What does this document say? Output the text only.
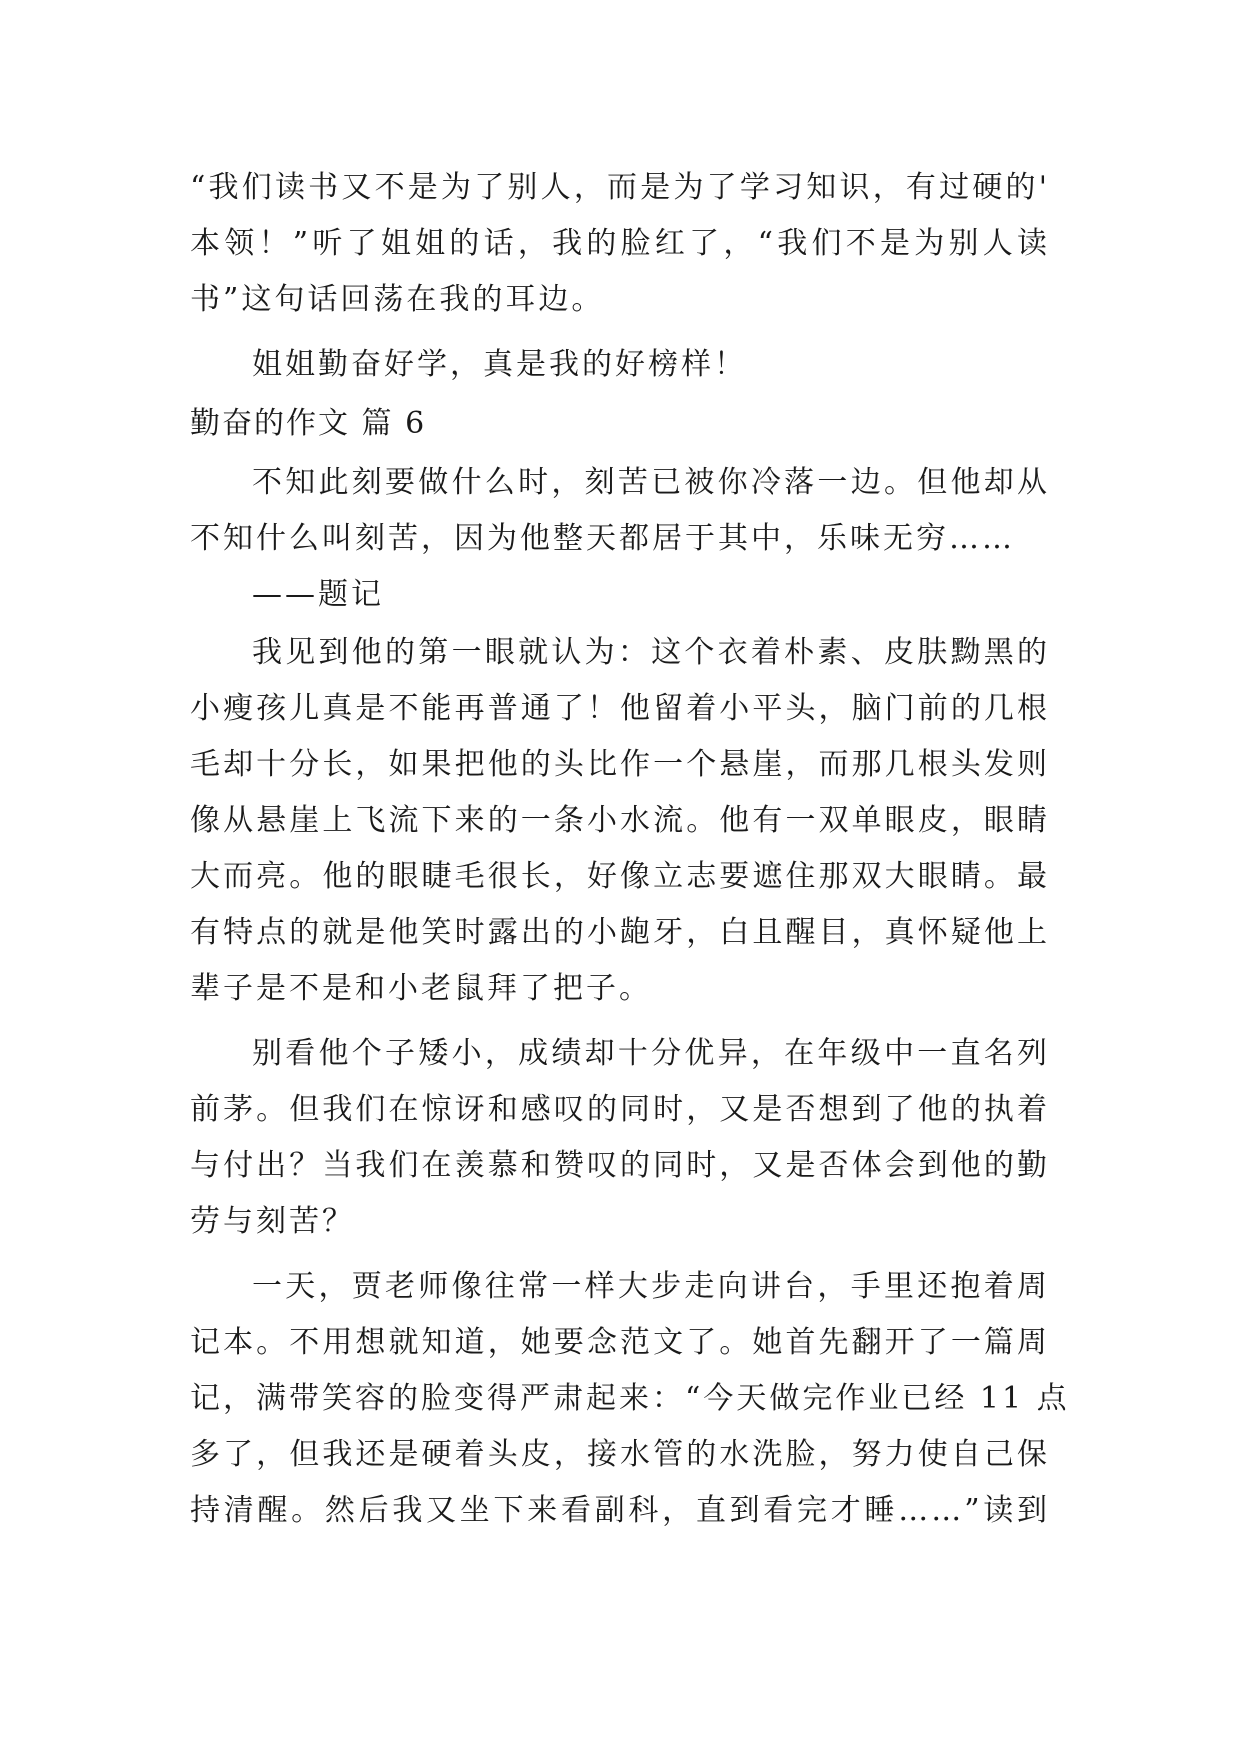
“我们读书又不是为了别人，而是为了学习知识，有过硬的'
本领！”听了姐姐的话，我的脸红了，“我们不是为别人读
书”这句话回荡在我的耳边。
姐姐勤奋好学，真是我的好榜样！
勤奋的作文 篇 6
不知此刻要做什么时，刻苦已被你冷落一边。但他却从
不知什么叫刻苦，因为他整天都居于其中，乐味无穷……
——题记
我见到他的第一眼就认为：这个衣着朴素、皮肤黝黑的
小瘦孩儿真是不能再普通了！他留着小平头，脑门前的几根
毛却十分长，如果把他的头比作一个悬崖，而那几根头发则
像从悬崖上飞流下来的一条小水流。他有一双单眼皮，眼睛
大而亮。他的眼睫毛很长，好像立志要遮住那双大眼睛。最
有特点的就是他笑时露出的小龅牙，白且醒目，真怀疑他上
辈子是不是和小老鼠拜了把子。
别看他个子矮小，成绩却十分优异，在年级中一直名列
前茅。但我们在惊讶和感叹的同时，又是否想到了他的执着
与付出？当我们在羡慕和赞叹的同时，又是否体会到他的勤
劳与刻苦？
一天，贾老师像往常一样大步走向讲台，手里还抱着周
记本。不用想就知道，她要念范文了。她首先翻开了一篇周
记，满带笑容的脸变得严肃起来：“今天做完作业已经 11 点
多了，但我还是硬着头皮，接水管的水洗脸，努力使自己保
持清醒。然后我又坐下来看副科，直到看完才睡……”读到
